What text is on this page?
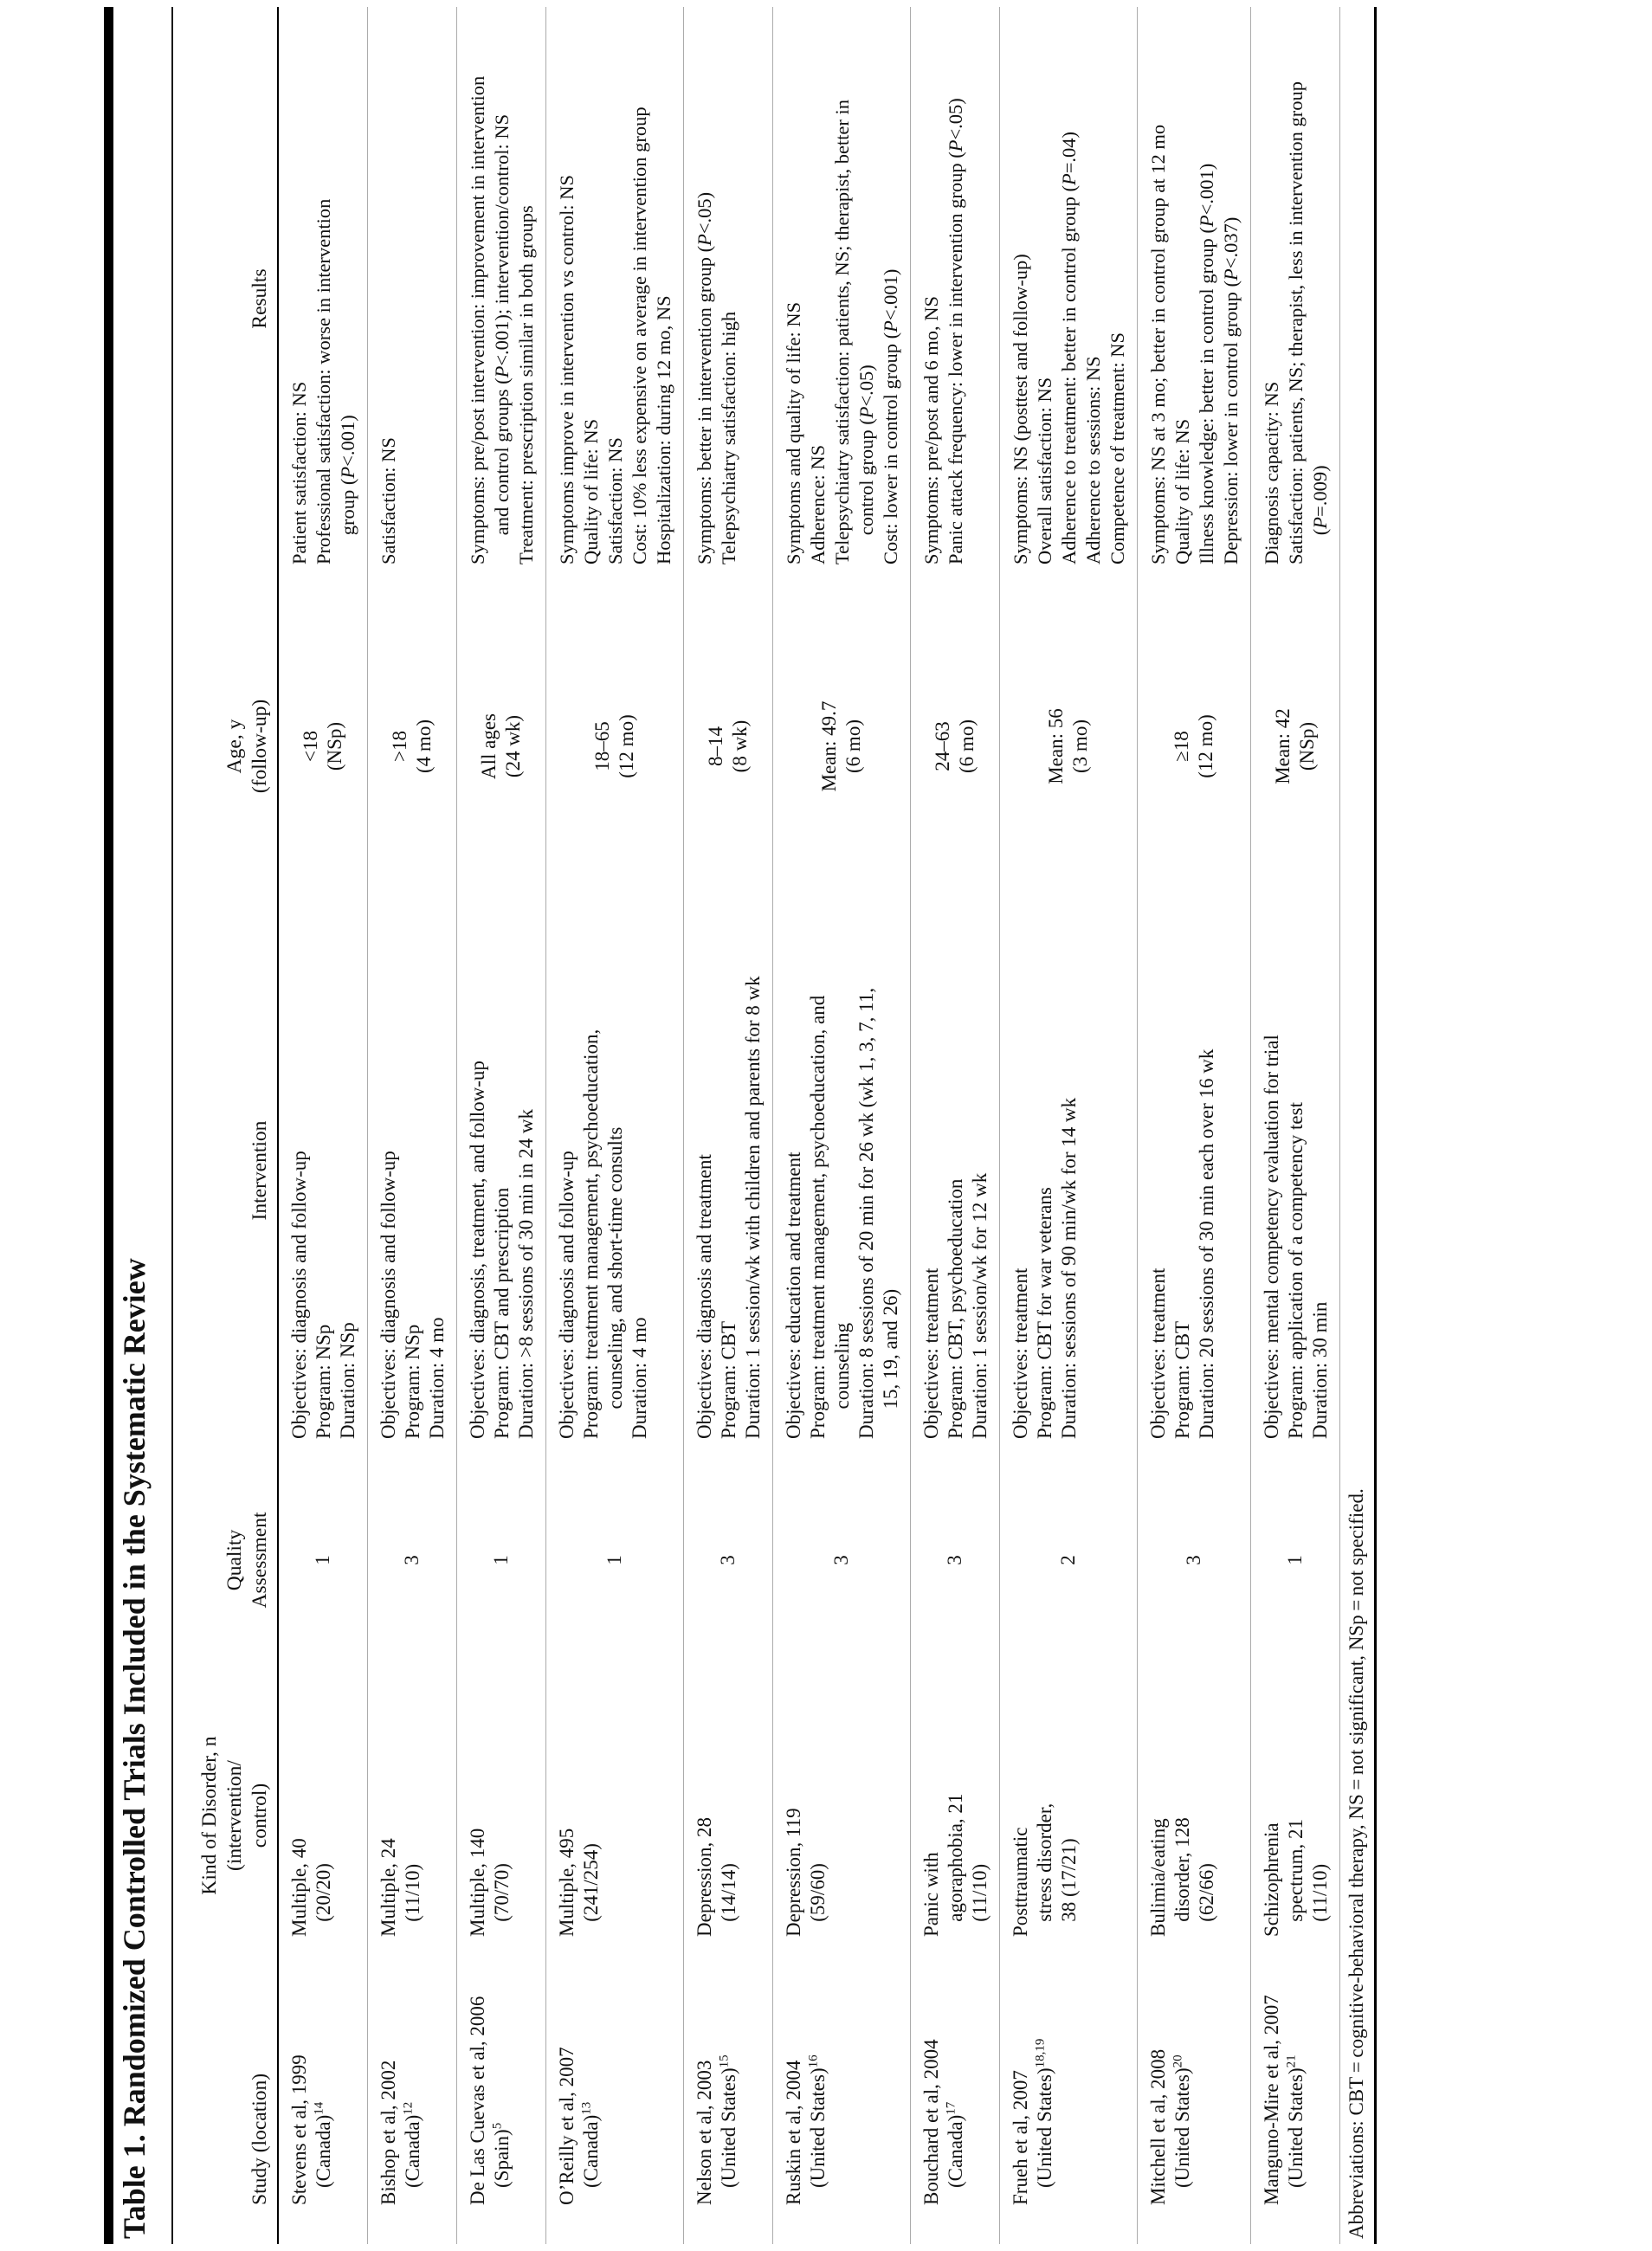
Table 1. Randomized Controlled Trials Included in the Systematic Review	Study (location)
Kind of Disorder, n (intervention/ control)
Quality Assessment
Intervention
Age, y (follow-up)
Results
Stevens et al, 1999 (Canada)$^{14}$
Multiple, 40 (20/20)
1
Objectives: diagnosis and follow-up Program: NSp Duration: NSp
<18 (NSp)
Patient satisfaction: NS Professional satisfaction: worse in intervention group (P<.001)
Bishop et al, 2002 (Canada)$^{12}$
Multiple, 24 (11/10)
3
Objectives: diagnosis and follow-up Program: NSp Duration: 4 mo
>18 (4 mo)
Satisfaction: NS
De Las Cuevas et al, 2006 (Spain)$^5$
Multiple, 140 (70/70)
1
Objectives: diagnosis, treatment, and follow-up Program: CBT and prescription Duration: >8 sessions of 30 min in 24 wk
All ages (24 wk)
Symptoms: pre/post intervention: improvement in intervention and control groups (P<.001); intervention/control: NS Treatment: prescription similar in both groups
O’Reilly et al, 2007 (Canada)$^{13}$
Multiple, 495 (241/254)
1
Objectives: diagnosis and follow-up Program: treatment management, psychoeducation, counseling, and short-time consults Duration: 4 mo
18–65 (12 mo)
Symptoms improve in intervention vs control: NS Quality of life: NS Satisfaction: NS Cost: 10% less expensive on average in intervention group Hospitalization: during 12 mo, NS
Nelson et al, 2003 (United States)$^{15}$
Depression, 28 (14/14)
3
Objectives: diagnosis and treatment Program: CBT Duration: 1 session/wk with children and parents for 8 wk
8–14 (8 wk)
Symptoms: better in intervention group (P<.05)
Telepsychiatry satisfaction: high
Ruskin et al, 2004 (United States)$^{16}$
Depression, 119 (59/60)
3
Objectives: education and treatment Program: treatment management, psychoeducation, and counseling Duration: 8 sessions of 20 min for 26 wk (wk 1, 3, 7, 11, 15, 19, and 26)
Mean: 49.7 (6 mo)
Symptoms and quality of life: NS Adherence: NS Telepsychiatry satisfaction: patients, NS; therapist, better in control group (P<.05) Cost: lower in control group (P<.001)
Bouchard et al, 2004 (Canada)$^{17}$
Panic with agoraphobia, 21 (11/10)
3
Objectives: treatment Program: CBT, psychoeducation Duration: 1 session/wk for 12 wk
24–63 (6 mo)
Symptoms: pre/post and 6 mo, NS Panic attack frequency: lower in intervention group (P<.05)
Frueh et al, 2007 (United States)$^{18,19}$
Posttraumatic stress disorder, 38 (17/21)
2
Objectives: treatment Program: CBT for war veterans Duration: sessions of 90 min/wk for 14 wk
Mean: 56 (3 mo)
Symptoms: NS (posttest and follow-up) Overall satisfaction: NS Adherence to treatment: better in control group (P=.04)
Adherence to sessions: NS Competence of treatment: NS
Mitchell et al, 2008 (United States)$^{20}$
Bulimia/eating disorder, 128 (62/66)
3
Objectives: treatment Program: CBT Duration: 20 sessions of 30 min each over 16 wk
≥18 (12 mo)
Symptoms: NS at 3 mo; better in control group at 12 mo Quality of life: NS Illness knowledge: better in control group (P<.001)
Depression: lower in control group (P<.037)
Manguno-Mire et al, 2007 (United States)$^{21}$
Schizophrenia spectrum, 21 (11/10)
1
Objectives: mental competency evaluation for trial Program: application of a competency test Duration: 30 min
Mean: 42 (NSp)
Diagnosis capacity: NS Satisfaction: patients, NS; therapist, less in intervention group (P=.009)
Abbreviations: CBT = cognitive-behavioral therapy, NS = not significant, NSp = not specified.
